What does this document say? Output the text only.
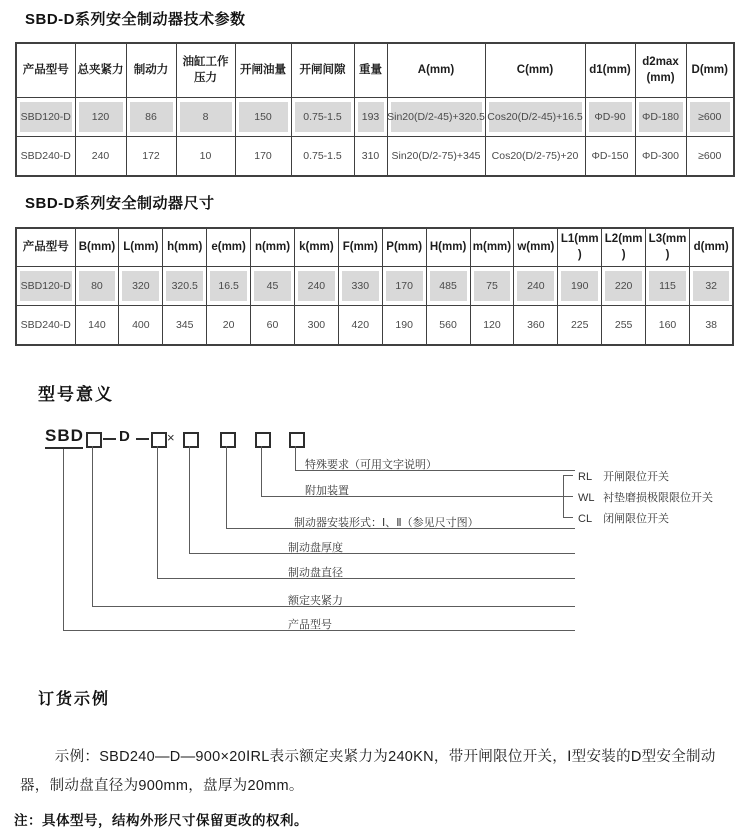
SBD-D系列安全制动器技术参数
产品型号	总夹紧力	制动力	油缸工作压力	开闸油量	开闸间隙	重量	A(mm)	C(mm)	d1(mm)	d2max (mm)	D(mm)

SBD120-D	120	86	8	150	0.75-1.5	193	Sin20(D/2-45)+320.5	Cos20(D/2-45)+16.5	ΦD-90	ΦD-180	≥600

SBD240-D	240	172	10	170	0.75-1.5	310	Sin20(D/2-75)+345	Cos20(D/2-75)+20	ΦD-150	ΦD-300	≥600
SBD-D系列安全制动器尺寸
产品型号	B(mm)	L(mm)	h(mm)	e(mm)	n(mm)	k(mm)	F(mm)	P(mm)	H(mm)	m(mm)	w(mm)	L1(mm)	L2(mm)	L3(mm)	d(mm)

SBD120-D	80	320	320.5	16.5	45	240	330	170	485	75	240	190	220	115	32

SBD240-D	140	400	345	20	60	300	420	190	560	120	360	225	255	160	38
型号意义
SBD D	×
特殊要求（可用文字说明）
附加装置
制动器安装形式：Ⅰ、Ⅱ（参见尺寸图）
制动盘厚度
制动盘直径
额定夹紧力
产品型号
RL 开闸限位开关
WL 衬垫磨损极限限位开关
CL 闭闸限位开关
订货示例

示例：SBD240—D—900×20ⅠRL表示额定夹紧力为240KN，带开闸限位开关，Ⅰ型安装的D型安全制动器，制动盘直径为900mm，盘厚为20mm。

注：具体型号，结构外形尺寸保留更改的权利。
